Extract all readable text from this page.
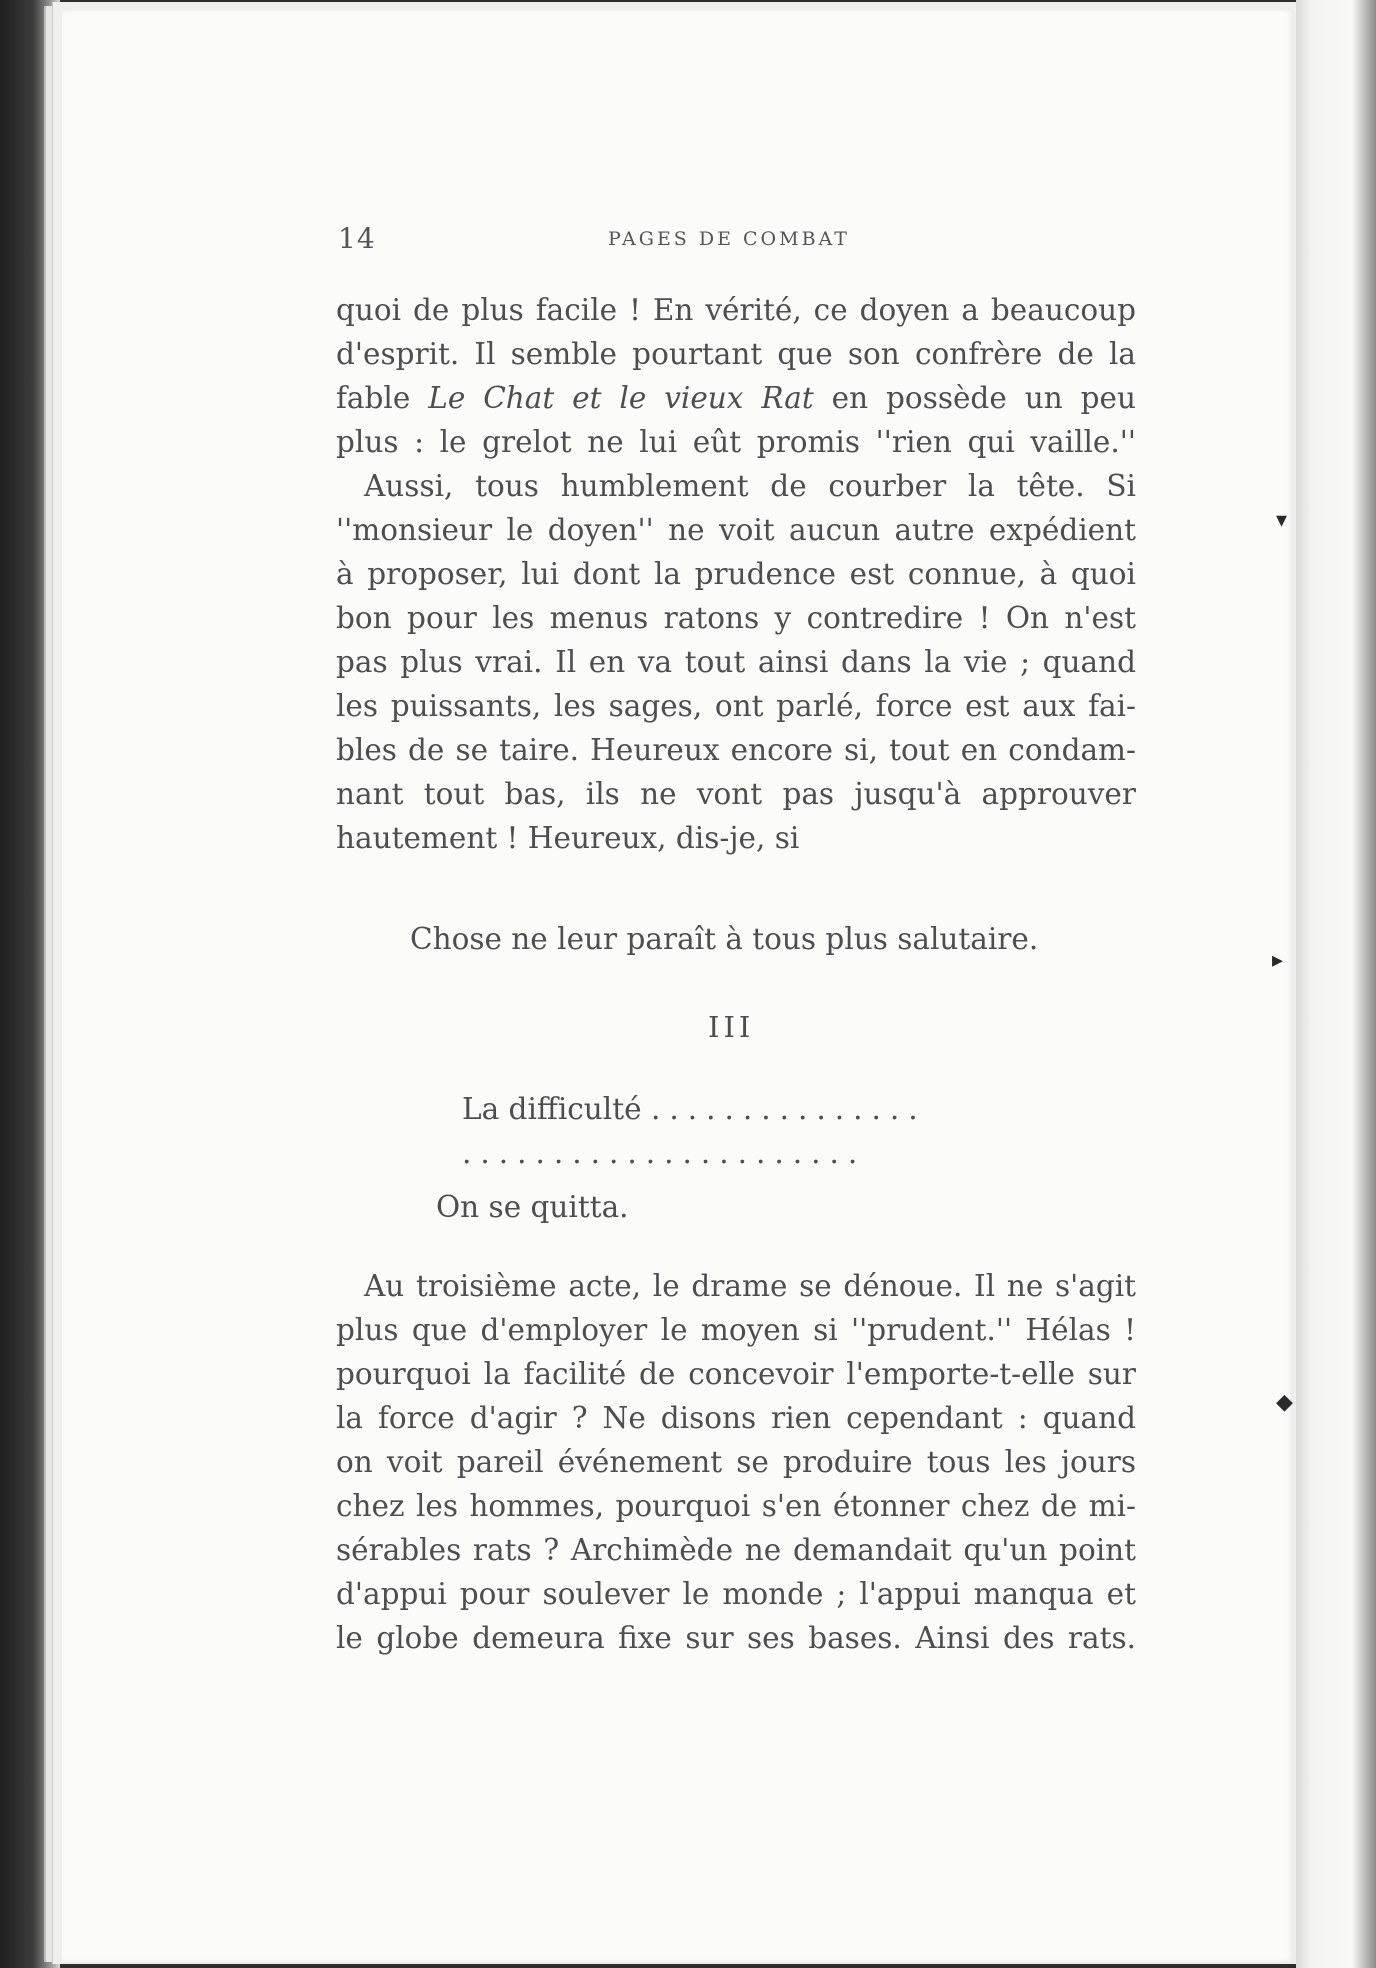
▾
▸
◆
14	PAGES DE COMBAT
quoi de plus facile ! En vérité, ce doyen a beaucoup
d'esprit. Il semble pourtant que son confrère de la
fable Le Chat et le vieux Rat en possède un peu
plus : le grelot ne lui eût promis ''rien qui vaille.''
Aussi, tous humblement de courber la tête. Si
''monsieur le doyen'' ne voit aucun autre expédient
à proposer, lui dont la prudence est connue, à quoi
bon pour les menus ratons y contredire ! On n'est
pas plus vrai. Il en va tout ainsi dans la vie ; quand
les puissants, les sages, ont parlé, force est aux fai-
bles de se taire. Heureux encore si, tout en condam-
nant tout bas, ils ne vont pas jusqu'à approuver
hautement ! Heureux, dis-je, si
Chose ne leur paraît à tous plus salutaire.
III
La difficulté ...............
......................
On se quitta.
Au troisième acte, le drame se dénoue. Il ne s'agit
plus que d'employer le moyen si ''prudent.'' Hélas !
pourquoi la facilité de concevoir l'emporte-t-elle sur
la force d'agir ? Ne disons rien cependant : quand
on voit pareil événement se produire tous les jours
chez les hommes, pourquoi s'en étonner chez de mi-
sérables rats ? Archimède ne demandait qu'un point
d'appui pour soulever le monde ; l'appui manqua et
le globe demeura fixe sur ses bases. Ainsi des rats.
